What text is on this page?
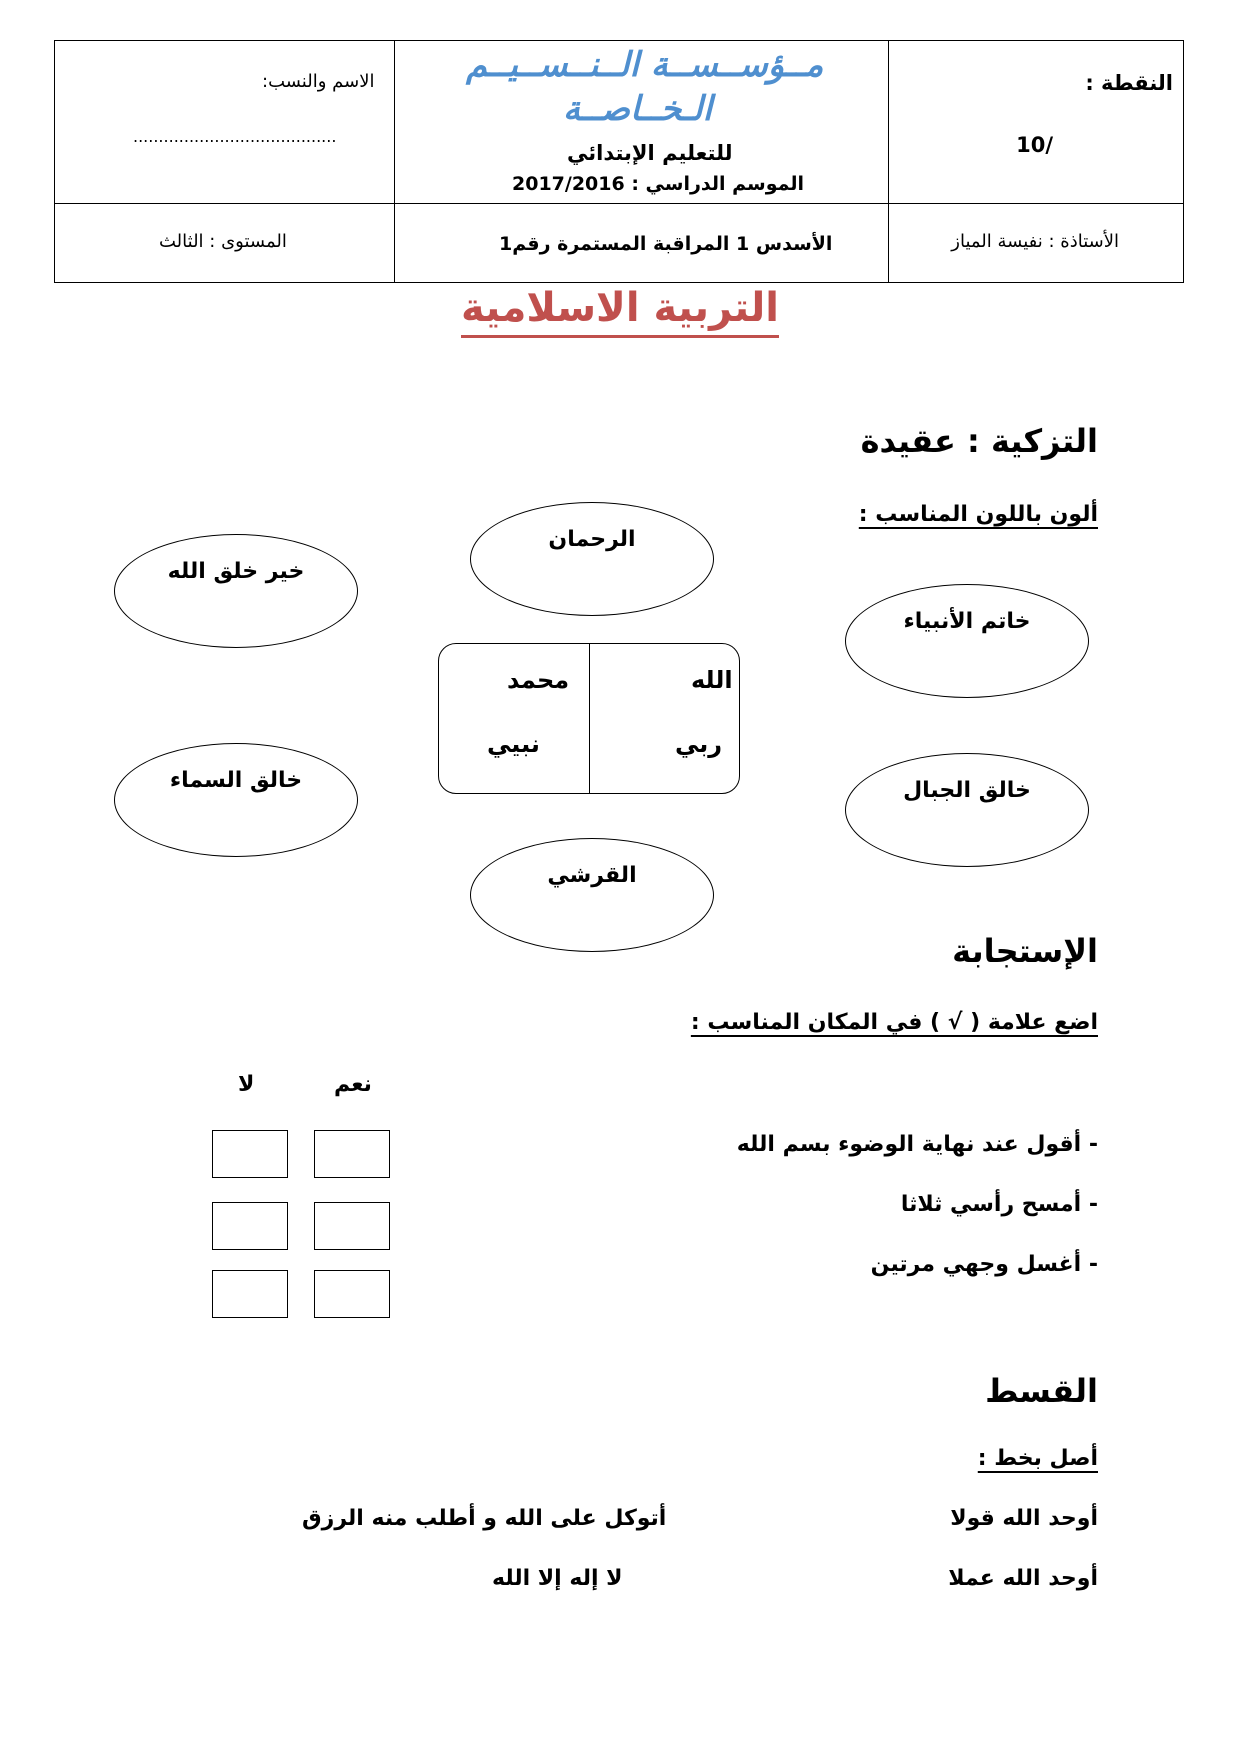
النقطة :
10/
الأستاذة : نفيسة المياز
مــؤســســة الــنــســيــم
الـخــاصــة
للتعليم الإبتدائي
الموسم الدراسي : 2017/2016
الأسدس 1 المراقبة المستمرة رقم1
الاسم والنسب:
........................................
المستوى : الثالث
التربية الاسلامية
التزكية : عقيدة
ألون باللون المناسب :
الرحمان
خير خلق الله
خاتم الأنبياء
خالق السماء	خالق الجبال
القرشي
الله
محمد
ربي
نبيي
الإستجابة
اضع علامة ( √ ) في المكان المناسب :
نعم
لا
- أقول عند نهاية الوضوء بسم الله
- أمسح رأسي ثلاثا
- أغسل وجهي مرتين
القسط
أصل بخط :
أوحد الله قولا
أوحد الله عملا
أتوكل على الله و أطلب منه الرزق
لا إله إلا الله
